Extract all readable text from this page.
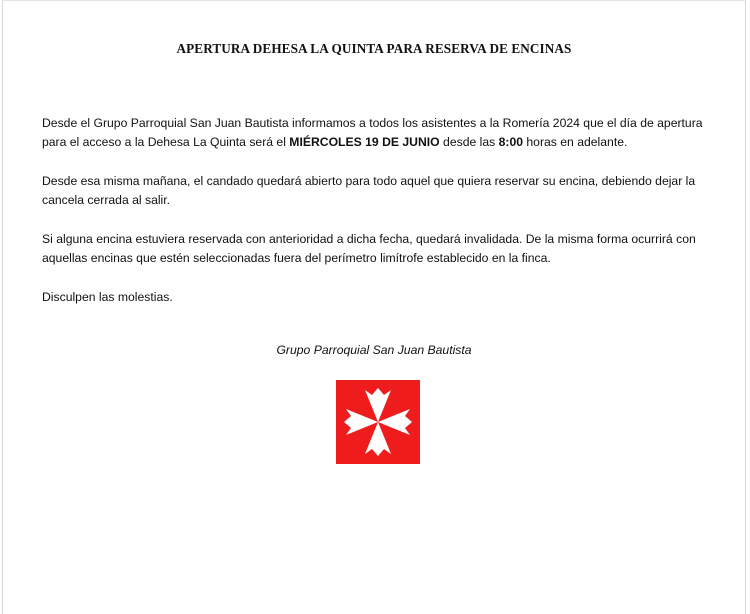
APERTURA DEHESA LA QUINTA PARA RESERVA DE ENCINAS

Desde el Grupo Parroquial San Juan Bautista informamos a todos los asistentes a la Romería 2024 que el día de apertura para el acceso a la Dehesa La Quinta será el MIÉRCOLES 19 DE JUNIO desde las 8:00 horas en adelante.

Desde esa misma mañana, el candado quedará abierto para todo aquel que quiera reservar su encina, debiendo dejar la cancela cerrada al salir.

Si alguna encina estuviera reservada con anterioridad a dicha fecha, quedará invalidada. De la misma forma ocurrirá con aquellas encinas que estén seleccionadas fuera del perímetro limítrofe establecido en la finca.

Disculpen las molestias.

Grupo Parroquial San Juan Bautista
